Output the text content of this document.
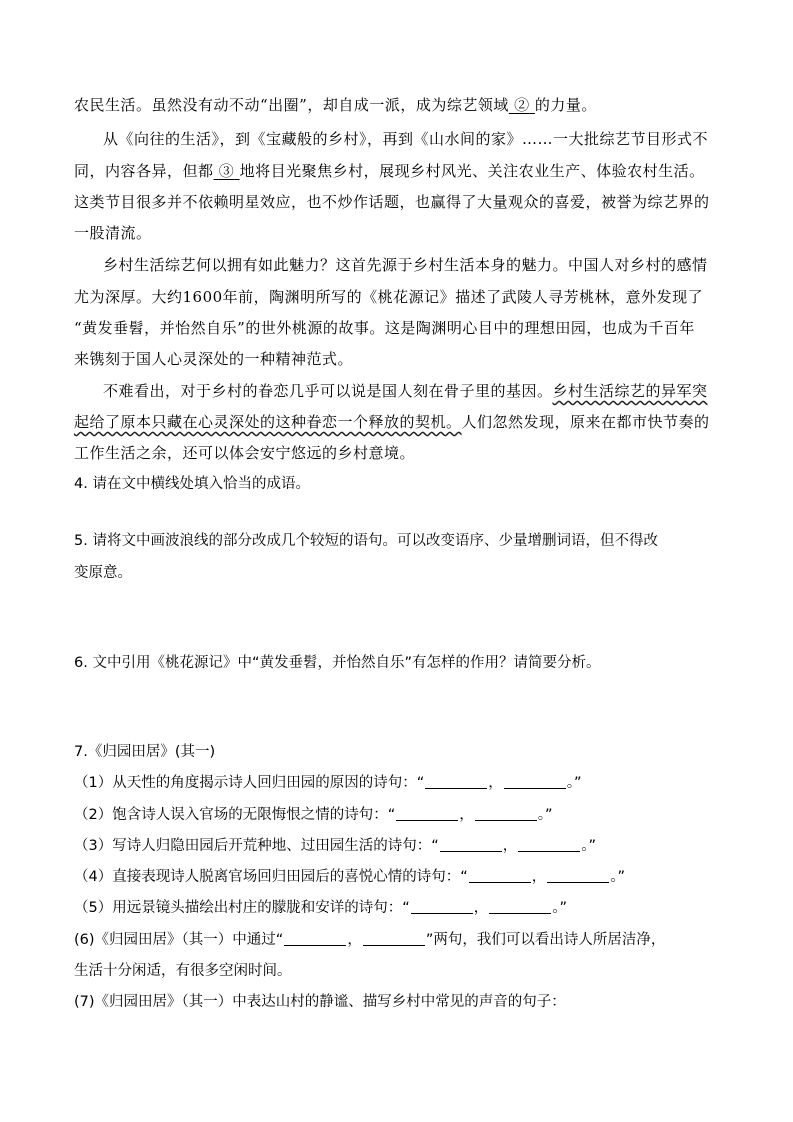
农民生活。虽然没有动不动“出圈”，却自成一派，成为综艺领域 ② 的力量。
从《向往的生活》，到《宝藏般的乡村》，再到《山水间的家》……一大批综艺节目形式不
同，内容各异，但都 ③ 地将目光聚焦乡村，展现乡村风光、关注农业生产、体验农村生活。
这类节目很多并不依赖明星效应，也不炒作话题，也赢得了大量观众的喜爱，被誉为综艺界的
一股清流。
乡村生活综艺何以拥有如此魅力？这首先源于乡村生活本身的魅力。中国人对乡村的感情
尤为深厚。大约1600年前，陶渊明所写的《桃花源记》描述了武陵人寻芳桃林，意外发现了
“黄发垂髫，并怡然自乐”的世外桃源的故事。这是陶渊明心目中的理想田园，也成为千百年
来镌刻于国人心灵深处的一种精神范式。
不难看出，对于乡村的眷恋几乎可以说是国人刻在骨子里的基因。乡村生活综艺的异军突
起给了原本只藏在心灵深处的这种眷恋一个释放的契机。人们忽然发现，原来在都市快节奏的
工作生活之余，还可以体会安宁悠远的乡村意境。
4. 请在文中横线处填入恰当的成语。
5. 请将文中画波浪线的部分改成几个较短的语句。可以改变语序、少量增删词语，但不得改
变原意。
6. 文中引用《桃花源记》中“黄发垂髫，并怡然自乐”有怎样的作用？请简要分析。
7.《归园田居》(其一)
（1）从天性的角度揭示诗人回归田园的原因的诗句：“	，	。”
（2）饱含诗人误入官场的无限悔恨之情的诗句：“	，	。”
（3）写诗人归隐田园后开荒种地、过田园生活的诗句：“	，	。”
（4）直接表现诗人脱离官场回归田园后的喜悦心情的诗句：“	，	。”
（5）用远景镜头描绘出村庄的朦胧和安详的诗句：“	，	。”
(6)《归园田居》（其一）中通过“	，	”两句，我们可以看出诗人所居洁净，
生活十分闲适，有很多空闲时间。
(7)《归园田居》（其一）中表达山村的静谧、描写乡村中常见的声音的句子：
